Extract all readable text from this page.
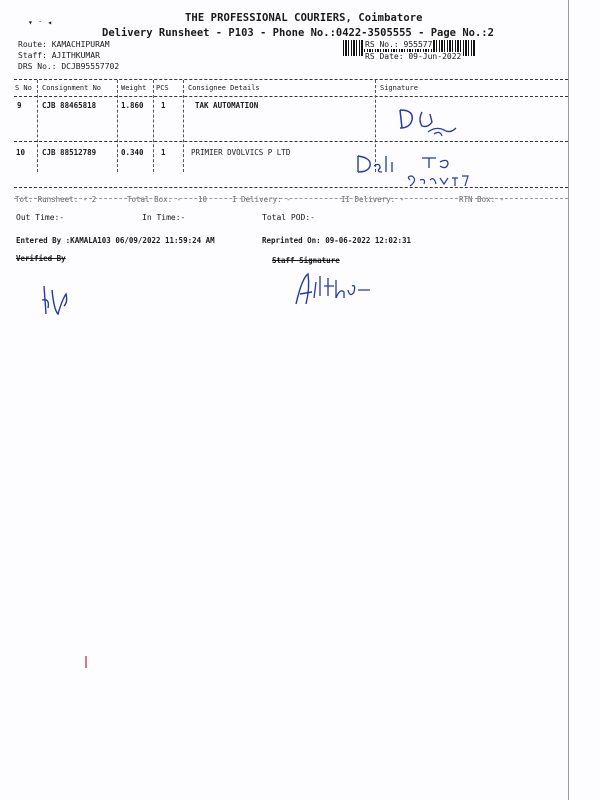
▾ ˑ ◂	THE PROFESSIONAL COURIERS, Coimbatore
Delivery Runsheet - P103 - Phone No.:0422-3505555 - Page No.:2
Route: KAMACHIPURAM
Staff: AJITHKUMAR
DRS No.: DCJB95557702
RS No.: 955577
RS Date: 09-Jun-2022
S No Consignment No	Weight PCS	Consignee Details	Signature
9	CJB 88465818	1.860 1	TAK AUTOMATION
10 CJB 88512789	0.340 1	PRIMIER DVOLVICS P LTD
Tot. Runsheet: - 2	Total Box: - 10	I Delivery: -	II Delivery: -	RTN Box: -
Out Time:-	In Time:-	Total POD:-
Entered By :KAMALA103 06/09/2022 11:59:24 AM	Reprinted On: 09-06-2022 12:02:31
Verified By	Staff Signature
